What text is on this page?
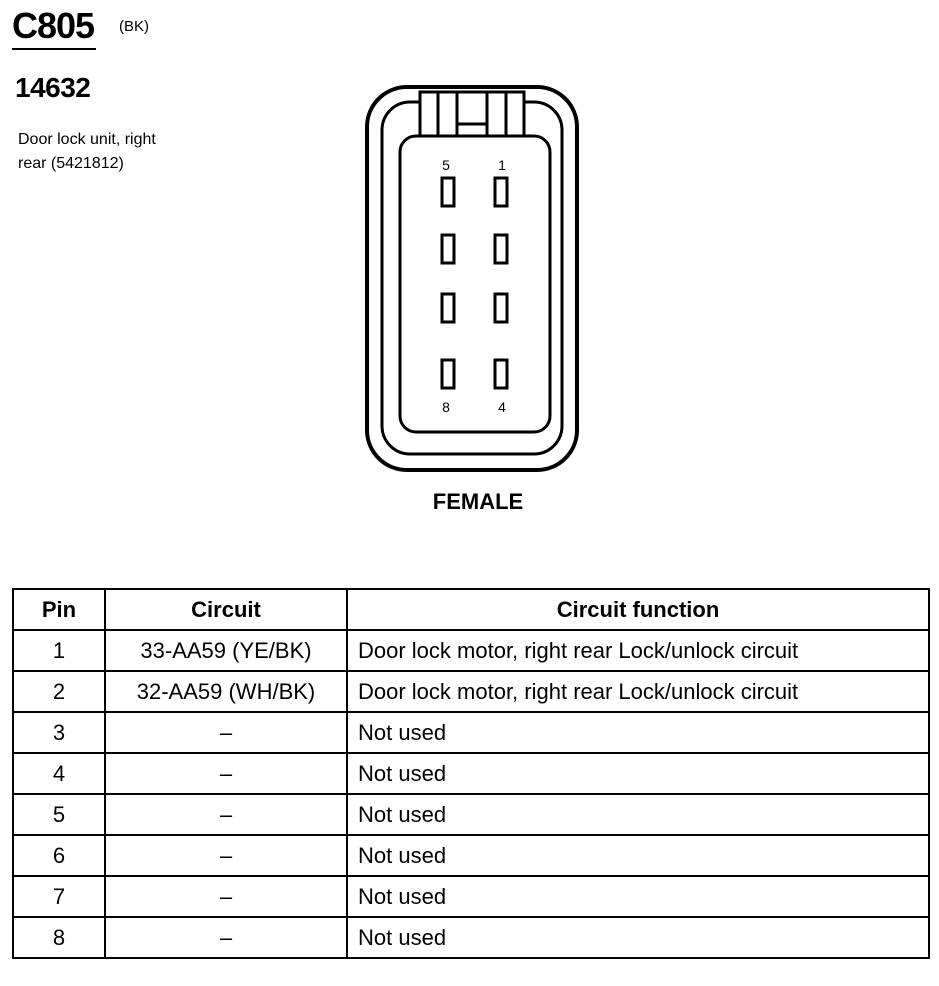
C805 (BK)
14632
Door lock unit, right
rear (5421812)	5	1
8	4
FEMALE
Pin	Circuit	Circuit function
1	33-AA59 (YE/BK)	Door lock motor, right rear Lock/unlock circuit
2	32-AA59 (WH/BK)	Door lock motor, right rear Lock/unlock circuit
3	–	Not used
4	–	Not used
5	–	Not used
6	–	Not used
7	–	Not used
8	–	Not used
